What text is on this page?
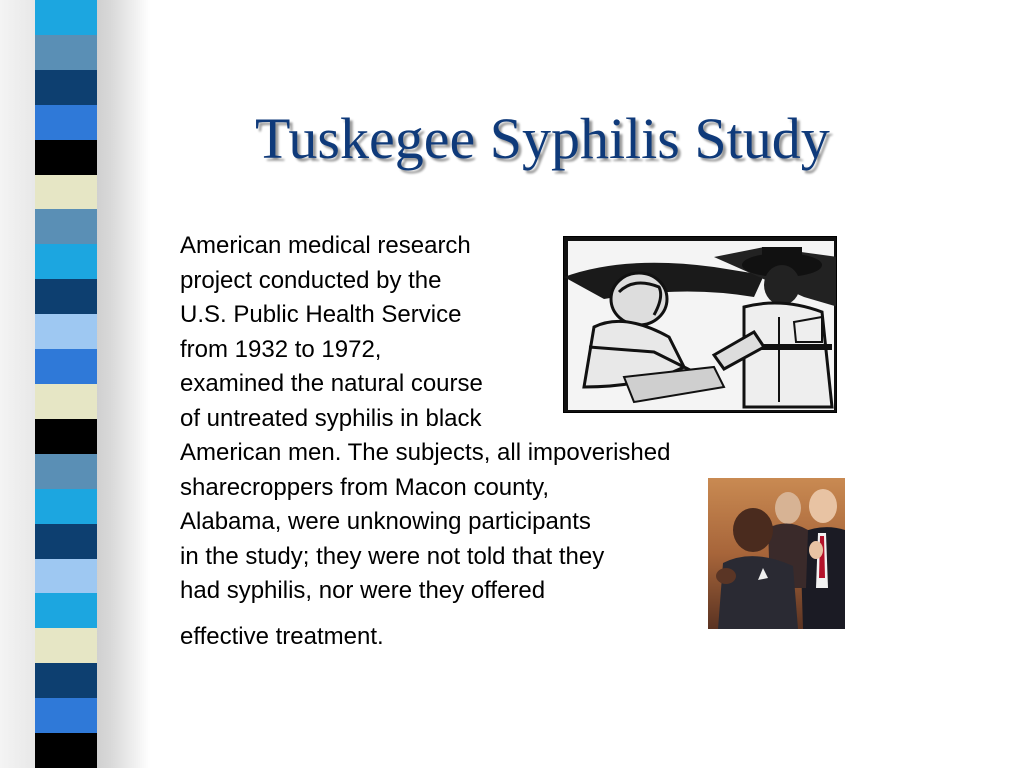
Tuskegee Syphilis Study
American medical research
project conducted by the
U.S. Public Health Service
from 1932 to 1972,
examined the natural course
of untreated syphilis in black
American men. The subjects, all impoverished
sharecroppers from Macon county,
Alabama, were unknowing participants
in the study; they were not told that they
had syphilis, nor were they offered
effective treatment.
